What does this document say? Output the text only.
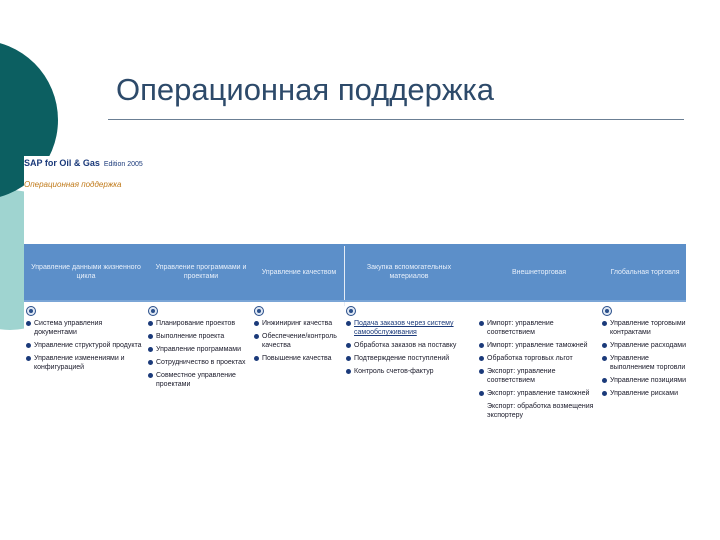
Операционная поддержка
SAP for Oil & Gas Edition 2005
Операционная поддержка
Управление данными жизненного цикла
Управление программами и проектами
Управление качеством
Закупка вспомогательных материалов
Внешнеторговая	Глобальная торговля
Система управления документами
Управление структурой продукта
Управление изменениями и конфигурацией
Планирование проектов
Выполнение проекта
Управление программами
Сотрудничество в проектах
Совместное управление проектами
Инжиниринг качества
Обеспечение/контроль качества
Повышение качества
Подача заказов через систему самообслуживания
Обработка заказов на поставку
Подтверждение поступлений
Контроль счетов-фактур
Импорт: управление соответствием
Импорт: управление таможней
Обработка торговых льгот
Экспорт: управление соответствием
Экспорт: управление таможней
Экспорт: обработка возмещения экспортеру
Управление торговыми контрактами
Управление расходами
Управление выполнением торговли
Управление позициями
Управление рисками
